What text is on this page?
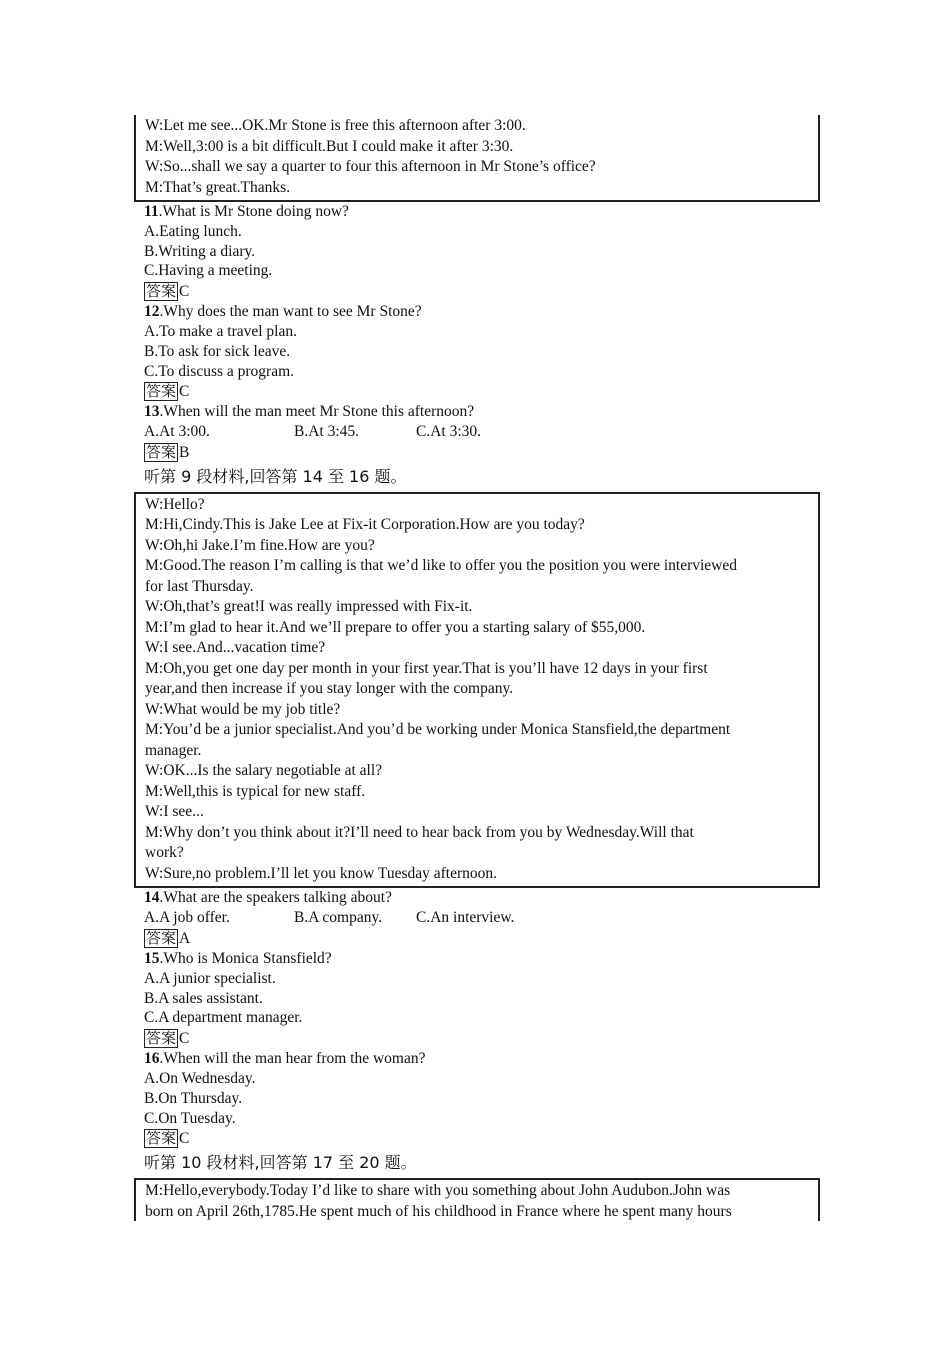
W:Let me see...OK.Mr Stone is free this afternoon after 3:00.
M:Well,3:00 is a bit difficult.But I could make it after 3:30.
W:So...shall we say a quarter to four this afternoon in Mr Stone’s office?
M:That’s great.Thanks.
11.What is Mr Stone doing now?
A.Eating lunch.
B.Writing a diary.
C.Having a meeting.
答案 C
12.Why does the man want to see Mr Stone?
A.To make a travel plan.
B.To ask for sick leave.
C.To discuss a program.
答案 C
13.When will the man meet Mr Stone this afternoon?
A.At 3:00.	B.At 3:45.	C.At 3:30.
答案 B
听第 9 段材料,回答第 14 至 16 题。
W:Hello?
M:Hi,Cindy.This is Jake Lee at Fix-it Corporation.How are you today?
W:Oh,hi Jake.I’m fine.How are you?
M:Good.The reason I’m calling is that we’d like to offer you the position you were interviewed
for last Thursday.
W:Oh,that’s great!I was really impressed with Fix-it.
M:I’m glad to hear it.And we’ll prepare to offer you a starting salary of $55,000.
W:I see.And...vacation time?
M:Oh,you get one day per month in your first year.That is you’ll have 12 days in your first
year,and then increase if you stay longer with the company.
W:What would be my job title?
M:You’d be a junior specialist.And you’d be working under Monica Stansfield,the department
manager.
W:OK...Is the salary negotiable at all?
M:Well,this is typical for new staff.
W:I see...
M:Why don’t you think about it?I’ll need to hear back from you by Wednesday.Will that
work?
W:Sure,no problem.I’ll let you know Tuesday afternoon.
14.What are the speakers talking about?
A.A job offer.	B.A company. C.An interview.
答案 A
15.Who is Monica Stansfield?
A.A junior specialist.
B.A sales assistant.
C.A department manager.
答案 C
16.When will the man hear from the woman?
A.On Wednesday.
B.On Thursday.
C.On Tuesday.
答案 C
听第 10 段材料,回答第 17 至 20 题。
M:Hello,everybody.Today I’d like to share with you something about John Audubon.John was
born on April 26th,1785.He spent much of his childhood in France where he spent many hours
